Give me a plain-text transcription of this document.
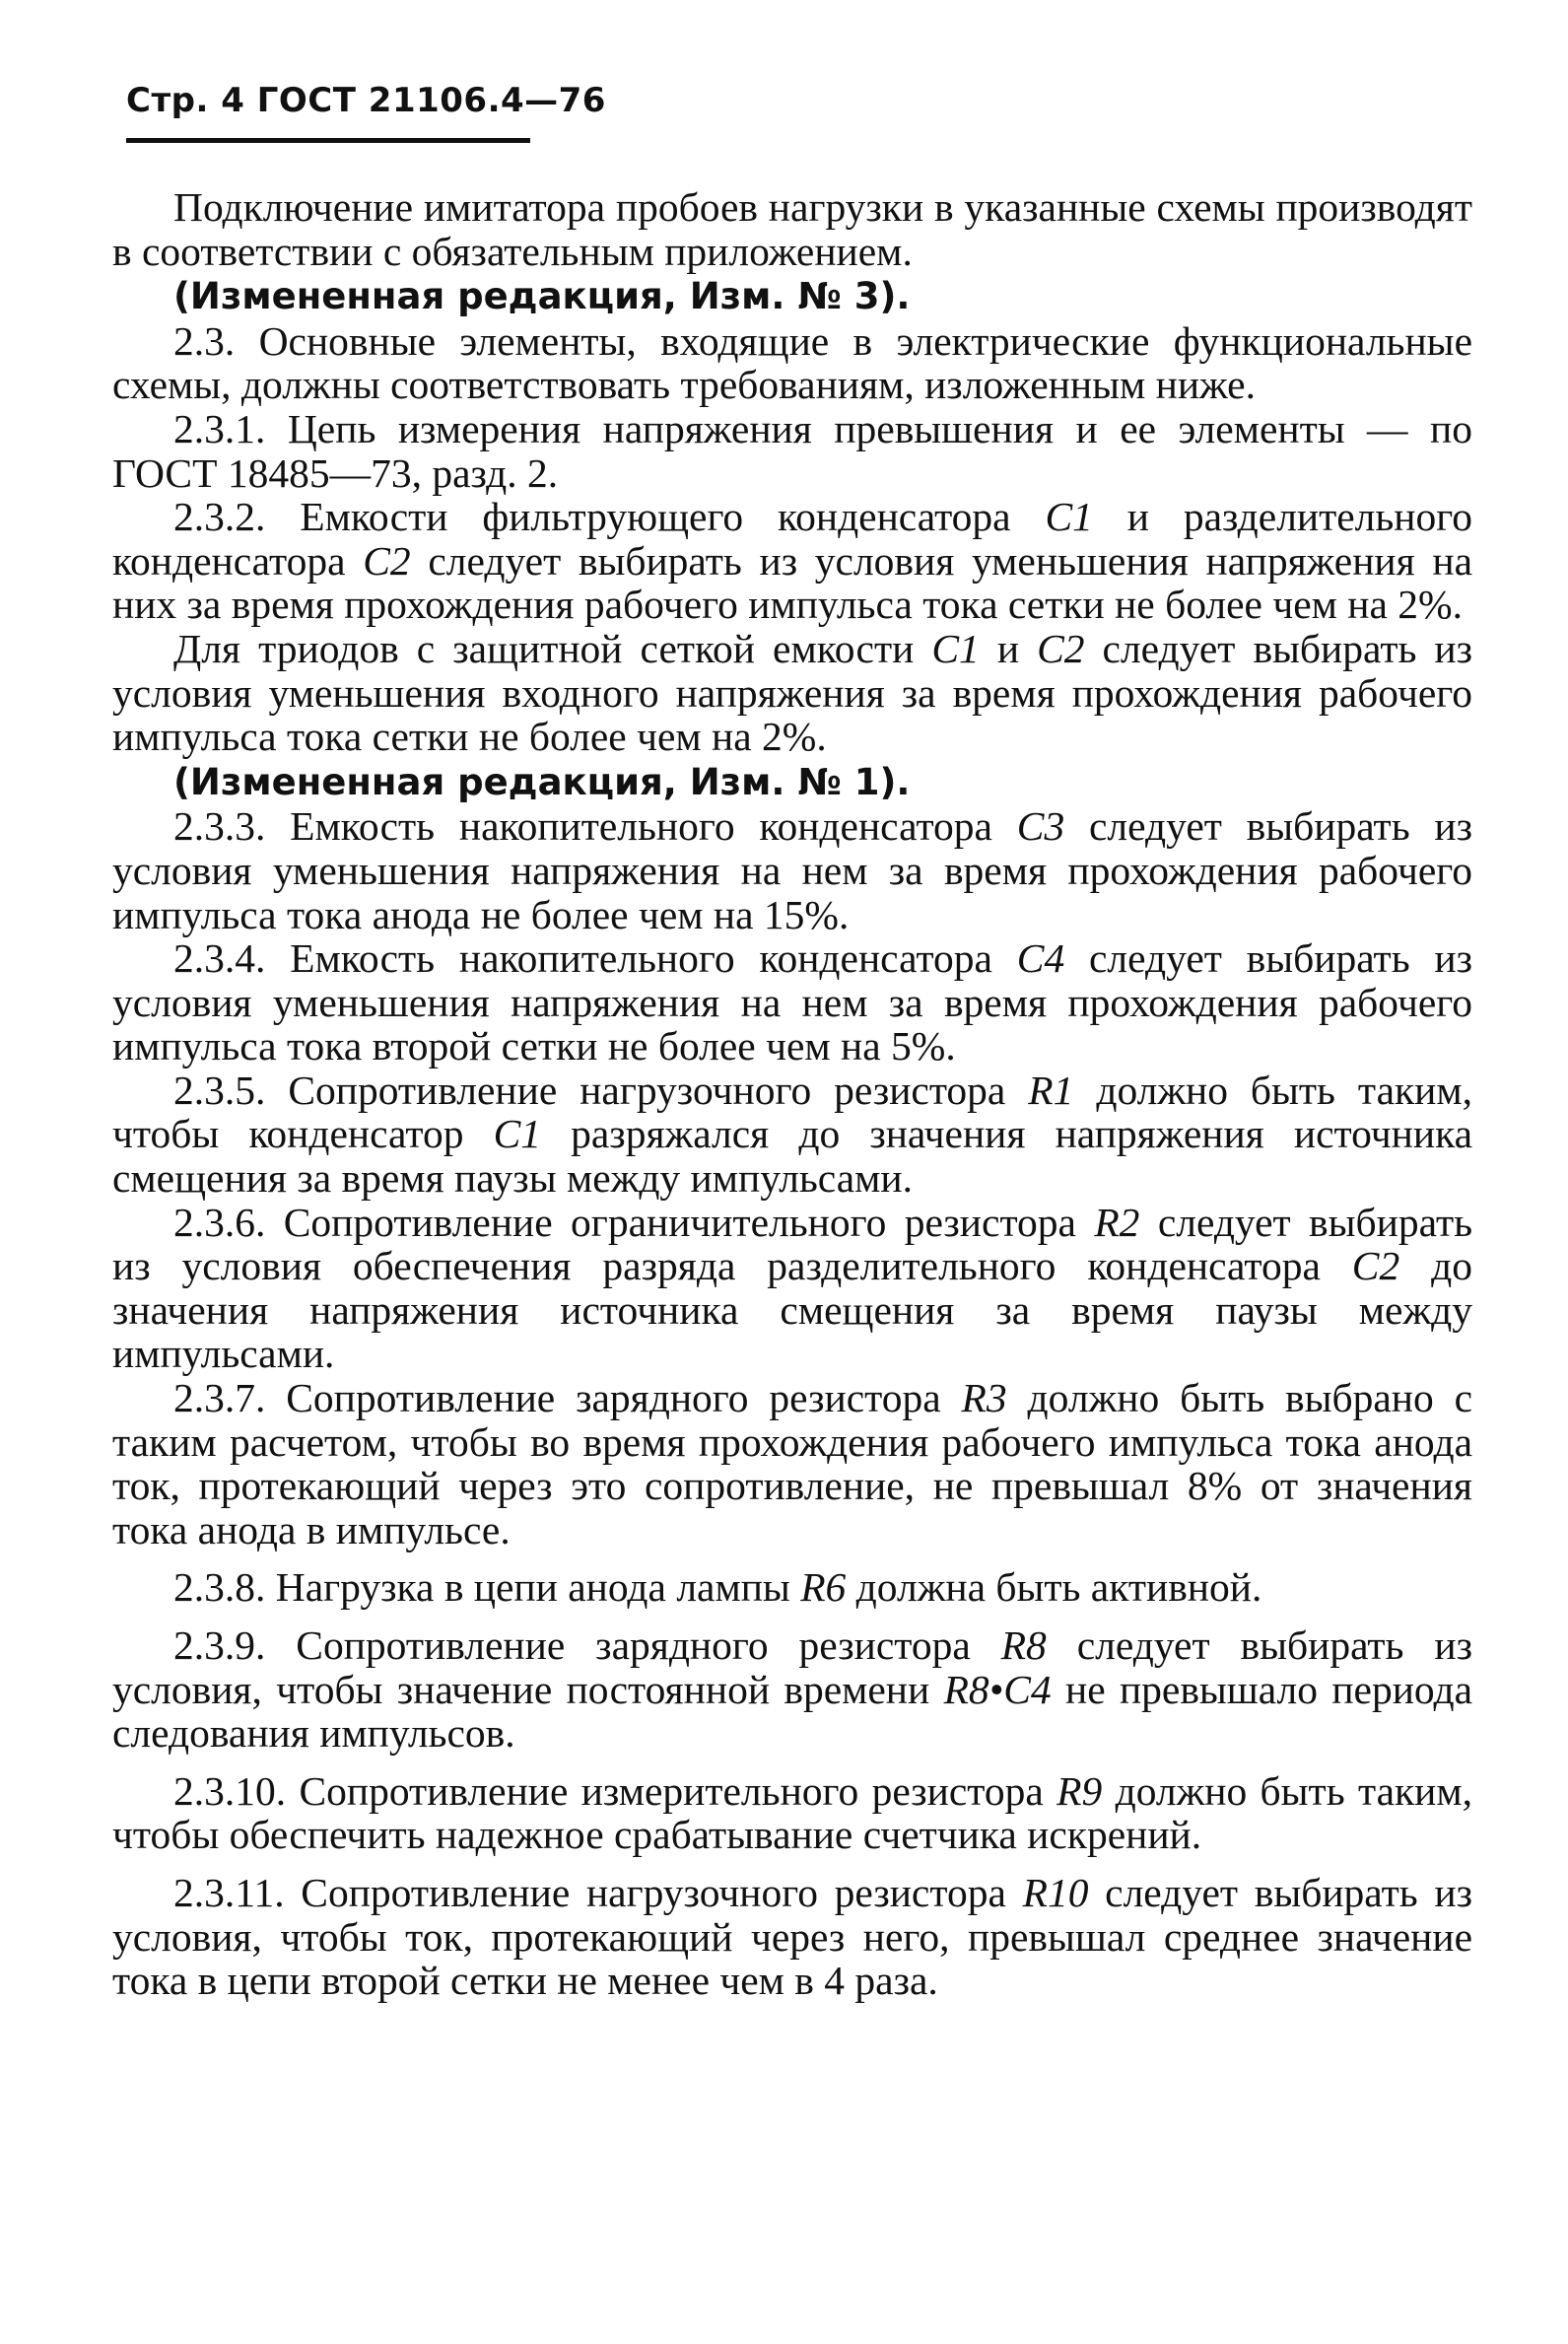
Стр. 4 ГОСТ 21106.4—76

Подключение имитатора пробоев нагрузки в указанные схемы производят в соответствии с обязательным приложением.

(Измененная редакция, Изм. № 3).

2.3. Основные элементы, входящие в электрические функциональные схемы, должны соответствовать требованиям, изложенным ниже.

2.3.1. Цепь измерения напряжения превышения и ее элементы — по ГОСТ 18485—73, разд. 2.

2.3.2. Емкости фильтрующего конденсатора C1 и разделительного конденсатора C2 следует выбирать из условия уменьшения напряжения на них за время прохождения рабочего импульса тока сетки не более чем на 2%.

Для триодов с защитной сеткой емкости C1 и C2 следует выбирать из условия уменьшения входного напряжения за время прохождения рабочего импульса тока сетки не более чем на 2%.

(Измененная редакция, Изм. № 1).

2.3.3. Емкость накопительного конденсатора C3 следует выбирать из условия уменьшения напряжения на нем за время прохождения рабочего импульса тока анода не более чем на 15%.

2.3.4. Емкость накопительного конденсатора C4 следует выбирать из условия уменьшения напряжения на нем за время прохождения рабочего импульса тока второй сетки не более чем на 5%.

2.3.5. Сопротивление нагрузочного резистора R1 должно быть таким, чтобы конденсатор C1 разряжался до значения напряжения источника смещения за время паузы между импульсами.

2.3.6. Сопротивление ограничительного резистора R2 следует выбирать из условия обеспечения разряда разделительного конденсатора C2 до значения напряжения источника смещения за время паузы между импульсами.

2.3.7. Сопротивление зарядного резистора R3 должно быть выбрано с таким расчетом, чтобы во время прохождения рабочего импульса тока анода ток, протекающий через это сопротивление, не превышал 8% от значения тока анода в импульсе.

2.3.8. Нагрузка в цепи анода лампы R6 должна быть активной.

2.3.9. Сопротивление зарядного резистора R8 следует выбирать из условия, чтобы значение постоянной времени R8•C4 не превышало периода следования импульсов.

2.3.10. Сопротивление измерительного резистора R9 должно быть таким, чтобы обеспечить надежное срабатывание счетчика искрений.

2.3.11. Сопротивление нагрузочного резистора R10 следует выбирать из условия, чтобы ток, протекающий через него, превышал среднее значение тока в цепи второй сетки не менее чем в 4 раза.
